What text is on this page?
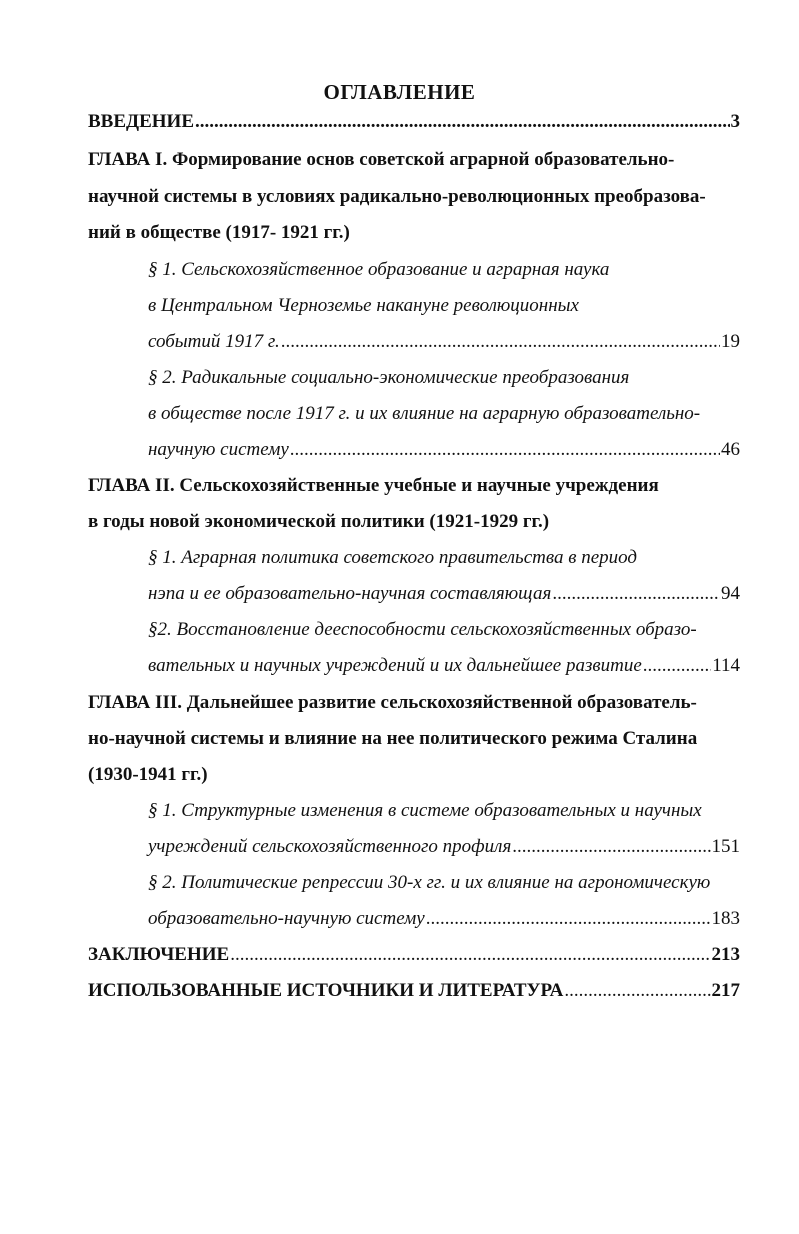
ОГЛАВЛЕНИЕ
ВВЕДЕНИЕ .....	3
ГЛАВА I. Формирование основ советской аграрной образовательно-
научной системы в условиях радикально-революционных преобразова-
ний в обществе (1917- 1921 гг.)
§ 1. Сельскохозяйственное образование и аграрная наука
в Центральном Черноземье накануне революционных
событий 1917 г. .....	19
§ 2. Радикальные социально-экономические преобразования
в обществе после 1917 г. и их влияние на аграрную образовательно-
научную систему .....	46
ГЛАВА II. Сельскохозяйственные учебные и научные учреждения
в годы новой экономической политики (1921-1929 гг.)
§ 1. Аграрная политика советского правительства в период
нэпа и ее образовательно-научная составляющая .....	94
§2. Восстановление дееспособности сельскохозяйственных образо-
вательных и научных учреждений и их дальнейшее развитие .....	114
ГЛАВА III. Дальнейшее развитие сельскохозяйственной образователь-
но-научной системы и влияние на нее политического режима Сталина
(1930-1941 гг.)
§ 1. Структурные изменения в системе образовательных и научных
учреждений сельскохозяйственного профиля .....	151
§ 2. Политические репрессии 30-х гг. и их влияние на агрономическую
образовательно-научную систему .....	183
ЗАКЛЮЧЕНИЕ .....	213
ИСПОЛЬЗОВАННЫЕ ИСТОЧНИКИ И ЛИТЕРАТУРА .....	217
